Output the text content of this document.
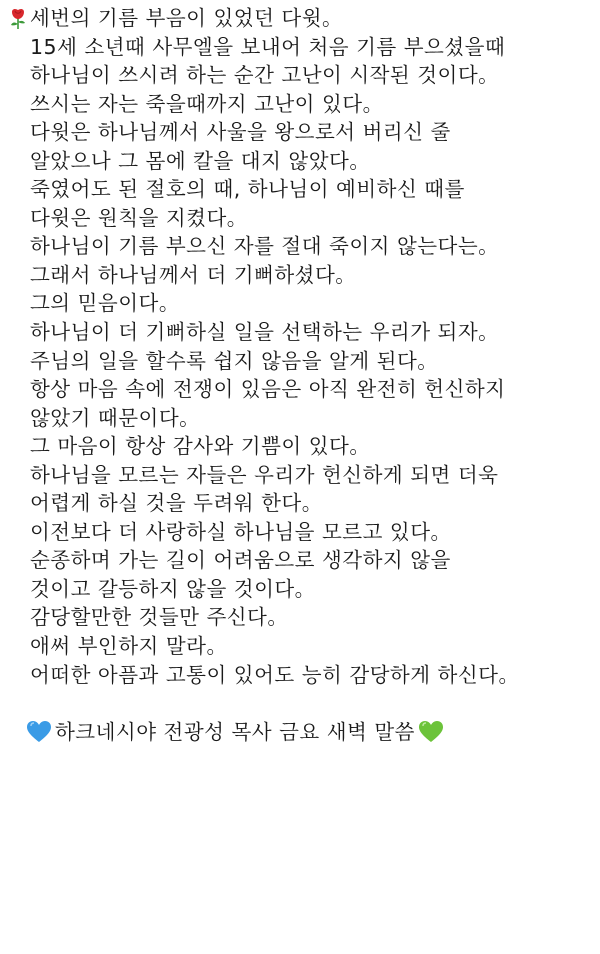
세번의 기름 부음이 있었던 다윗。
15세 소년때 사무엘을 보내어 처음 기름 부으셨을때
하나님이 쓰시려 하는 순간 고난이 시작된 것이다。
쓰시는 자는 죽을때까지 고난이 있다。
다윗은 하나님께서 사울을 왕으로서 버리신 줄
알았으나 그 몸에 칼을 대지 않았다。
죽였어도 된 절호의 때, 하나님이 예비하신 때를
다윗은 원칙을 지켰다。
하나님이 기름 부으신 자를 절대 죽이지 않는다는。
그래서 하나님께서 더 기뻐하셨다。
그의 믿음이다。
하나님이 더 기뻐하실 일을 선택하는 우리가 되자。
주님의 일을 할수록 쉽지 않음을 알게 된다。
항상 마음 속에 전쟁이 있음은 아직 완전히 헌신하지
않았기 때문이다。
그 마음이 항상 감사와 기쁨이 있다。
하나님을 모르는 자들은 우리가 헌신하게 되면 더욱
어렵게 하실 것을 두려워 한다。
이전보다 더 사랑하실 하나님을 모르고 있다。
순종하며 가는 길이 어려움으로 생각하지 않을
것이고 갈등하지 않을 것이다。
감당할만한 것들만 주신다。
애써 부인하지 말라。
어떠한 아픔과 고통이 있어도 능히 감당하게 하신다。
하크네시야 전광성 목사 금요 새벽 말씀
